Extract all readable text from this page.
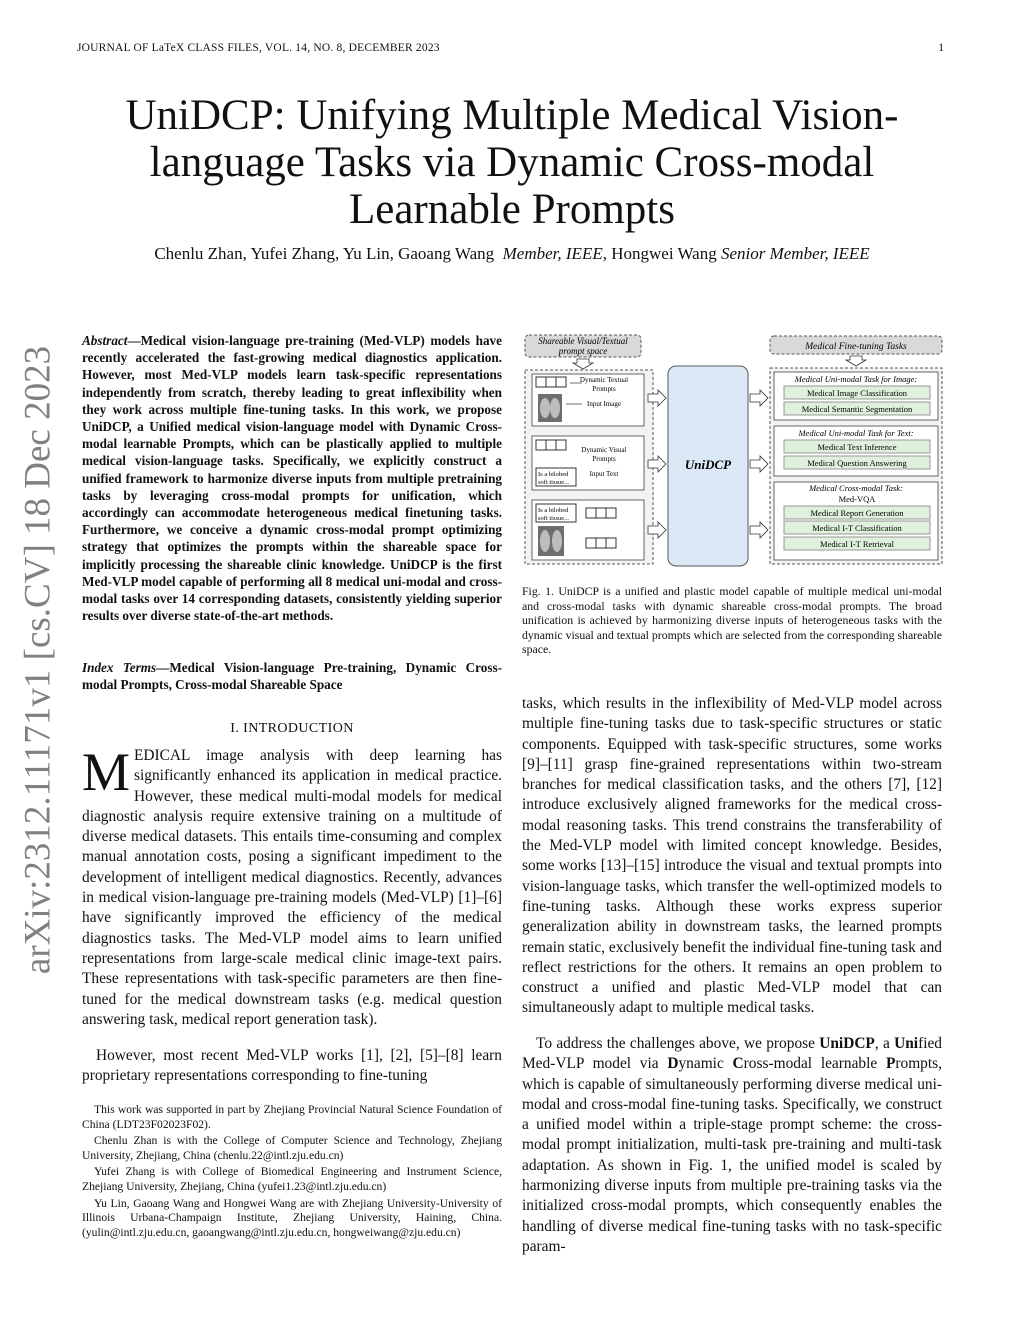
JOURNAL OF LaTeX CLASS FILES, VOL. 14, NO. 8, DECEMBER 2023	1
arXiv:2312.11171v1 [cs.CV] 18 Dec 2023
UniDCP: Unifying Multiple Medical Vision-language Tasks via Dynamic Cross-modal Learnable Prompts
Chenlu Zhan, Yufei Zhang, Yu Lin, Gaoang Wang Member, IEEE, Hongwei Wang Senior Member, IEEE
Abstract—Medical vision-language pre-training (Med-VLP) models have recently accelerated the fast-growing medical diagnostics application. However, most Med-VLP models learn task-specific representations independently from scratch, thereby leading to great inflexibility when they work across multiple fine-tuning tasks. In this work, we propose UniDCP, a Unified medical vision-language model with Dynamic Cross-modal learnable Prompts, which can be plastically applied to multiple medical vision-language tasks. Specifically, we explicitly construct a unified framework to harmonize diverse inputs from multiple pretraining tasks by leveraging cross-modal prompts for unification, which accordingly can accommodate heterogeneous medical finetuning tasks. Furthermore, we conceive a dynamic cross-modal prompt optimizing strategy that optimizes the prompts within the shareable space for implicitly processing the shareable clinic knowledge. UniDCP is the first Med-VLP model capable of performing all 8 medical uni-modal and cross-modal tasks over 14 corresponding datasets, consistently yielding superior results over diverse state-of-the-art methods.
Index Terms—Medical Vision-language Pre-training, Dynamic Cross-modal Prompts, Cross-modal Shareable Space
I. INTRODUCTION
MEDICAL image analysis with deep learning has significantly enhanced its application in medical practice. However, these medical multi-modal models for medical diagnostic analysis require extensive training on a multitude of diverse medical datasets. This entails time-consuming and complex manual annotation costs, posing a significant impediment to the development of intelligent medical diagnostics. Recently, advances in medical vision-language pre-training models (Med-VLP) [1]–[6] have significantly improved the efficiency of the medical diagnostics tasks. The Med-VLP model aims to learn unified representations from large-scale medical clinic image-text pairs. These representations with task-specific parameters are then fine-tuned for the medical downstream tasks (e.g. medical question answering task, medical report generation task).
However, most recent Med-VLP works [1], [2], [5]–[8] learn proprietary representations corresponding to fine-tuning

This work was supported in part by Zhejiang Provincial Natural Science Foundation of China (LDT23F02023F02).

Chenlu Zhan is with the College of Computer Science and Technology, Zhejiang University, Zhejiang, China (chenlu.22@intl.zju.edu.cn)

Yufei Zhang is with College of Biomedical Engineering and Instrument Science, Zhejiang University, Zhejiang, China (yufei1.23@intl.zju.edu.cn)

Yu Lin, Gaoang Wang and Hongwei Wang are with Zhejiang University-University of Illinois Urbana-Champaign Institute, Zhejiang University, Haining, China. (yulin@intl.zju.edu.cn, gaoangwang@intl.zju.edu.cn, hongweiwang@zju.edu.cn)

Shareable Visual/Textual
prompt space
Dynamic Textual
Prompts
Input Image
Dynamic Visual
Prompts
Is a bilobed
soft tissue...
Input Text
Is a bilobed
soft tissue...
UniDCP
Medical Fine-tuning Tasks
Medical Uni-modal Task for Image:
Medical Image Classification
Medical Semantic Segmentation
Medical Uni-modal Task for Text:
Medical Text Inference
Medical Question Answering
Medical Cross-modal Task:
Med-VQA
Medical Report Generation
Medical I-T Classification
Medical I-T Retrieval
Fig. 1. UniDCP is a unified and plastic model capable of multiple medical uni-modal and cross-modal tasks with dynamic shareable cross-modal prompts. The broad unification is achieved by harmonizing diverse inputs of heterogeneous tasks with the dynamic visual and textual prompts which are selected from the corresponding shareable space.
tasks, which results in the inflexibility of Med-VLP model across multiple fine-tuning tasks due to task-specific structures or static components. Equipped with task-specific structures, some works [9]–[11] grasp fine-grained representations within two-stream branches for medical classification tasks, and the others [7], [12] introduce exclusively aligned frameworks for the medical cross-modal reasoning tasks. This trend constrains the transferability of the Med-VLP model with limited concept knowledge. Besides, some works [13]–[15] introduce the visual and textual prompts into vision-language tasks, which transfer the well-optimized models to fine-tuning tasks. Although these works express superior generalization ability in downstream tasks, the learned prompts remain static, exclusively benefit the individual fine-tuning task and reflect restrictions for the others. It remains an open problem to construct a unified and plastic Med-VLP model that can simultaneously adapt to multiple medical tasks.
To address the challenges above, we propose UniDCP, a Unified Med-VLP model via Dynamic Cross-modal learnable Prompts, which is capable of simultaneously performing diverse medical uni-modal and cross-modal fine-tuning tasks. Specifically, we construct a unified model within a triple-stage prompt scheme: the cross-modal prompt initialization, multi-task pre-training and multi-task adaptation. As shown in Fig. 1, the unified model is scaled by harmonizing diverse inputs from multiple pre-training tasks via the initialized cross-modal prompts, which consequently enables the handling of diverse medical fine-tuning tasks with no task-specific param-
